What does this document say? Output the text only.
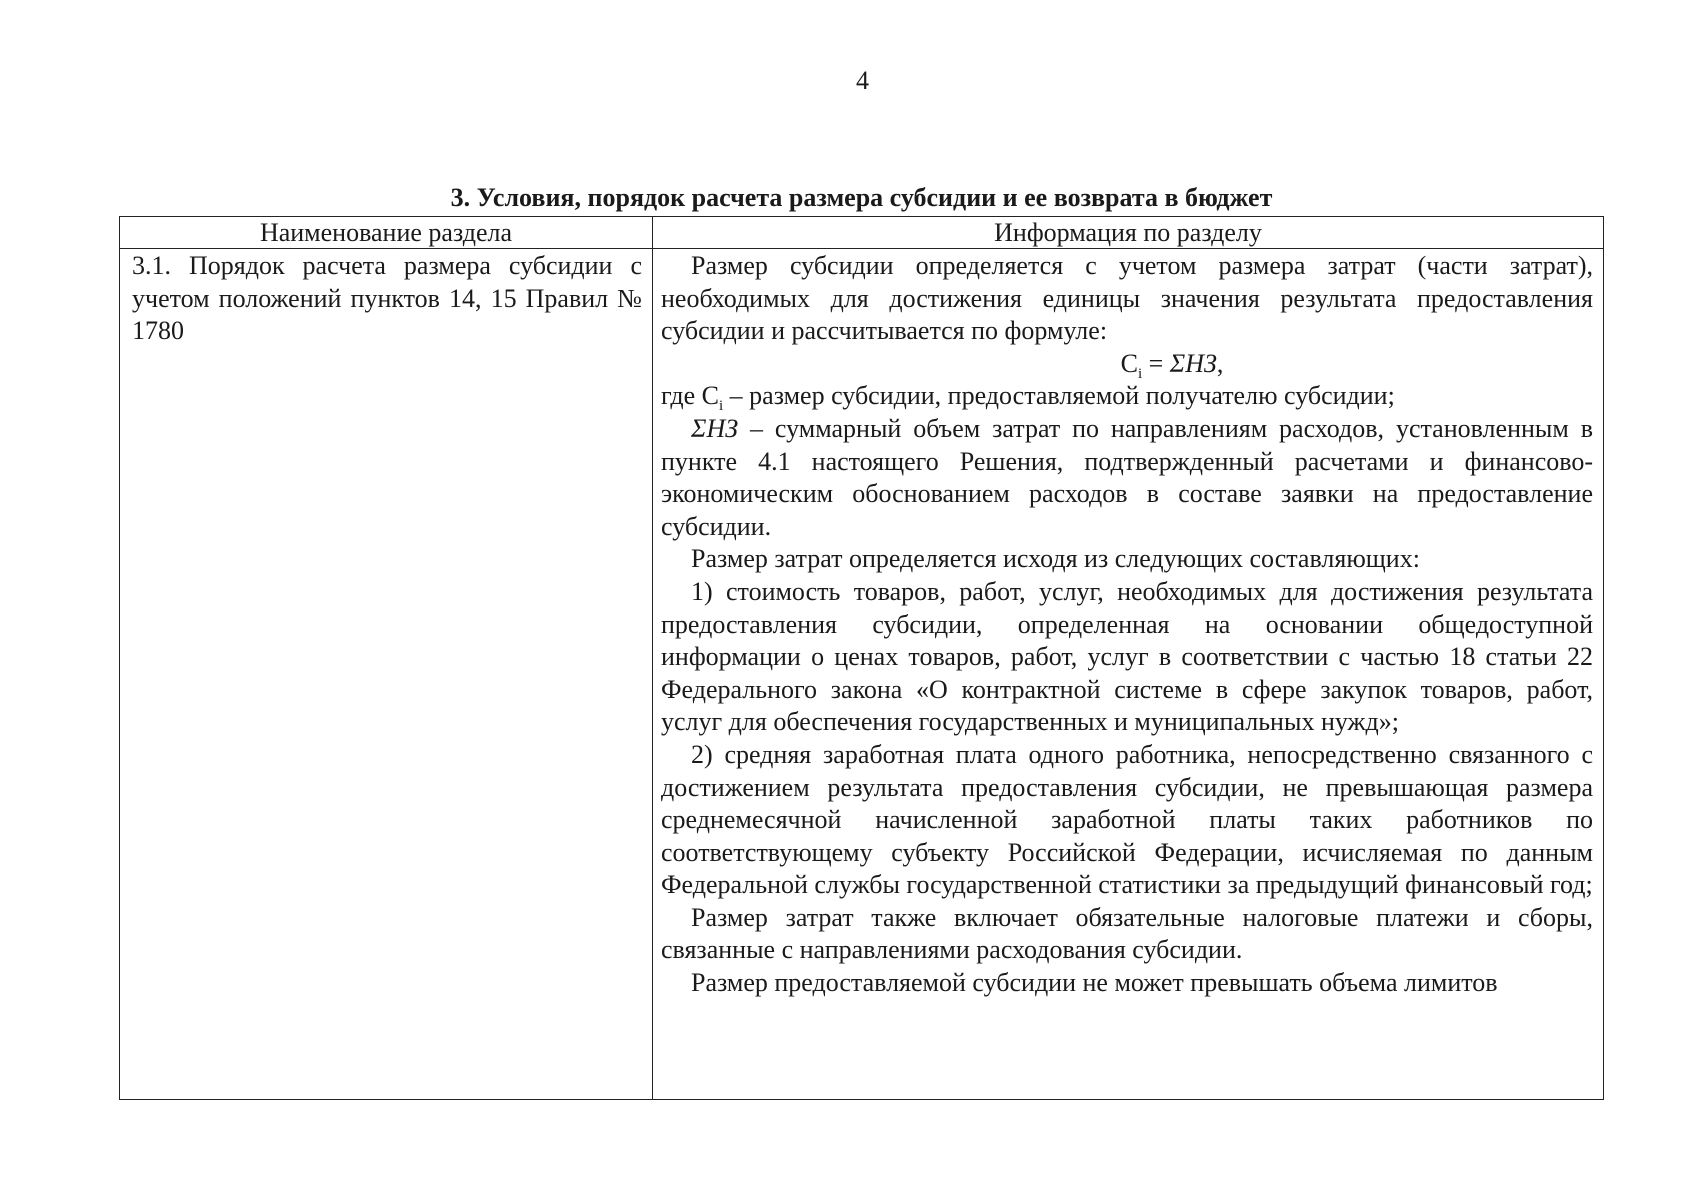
4
3. Условия, порядок расчета размера субсидии и ее возврата в бюджет
Наименование раздела	Информация по разделу

3.1. Порядок расчета размера субсидии с учетом положений пунктов 14, 15 Правил № 1780

Размер субсидии определяется с учетом размера затрат (части затрат), необходимых для достижения единицы значения результата предоставления субсидии и рассчитывается по формуле:

$C_i = \Sigma НЗ$,

где $C_i$ – размер субсидии, предоставляемой получателю субсидии;

ΣНЗ – суммарный объем затрат по направлениям расходов, установленным в пункте 4.1 настоящего Решения, подтвержденный расчетами и финансово-экономическим обоснованием расходов в составе заявки на предоставление субсидии.

Размер затрат определяется исходя из следующих составляющих:

1) стоимость товаров, работ, услуг, необходимых для достижения результата предоставления субсидии, определенная на основании общедоступной информации о ценах товаров, работ, услуг в соответствии с частью 18 статьи 22 Федерального закона «О контрактной системе в сфере закупок товаров, работ, услуг для обеспечения государственных и муниципальных нужд»;

2) средняя заработная плата одного работника, непосредственно связанного с достижением результата предоставления субсидии, не превышающая размера среднемесячной начисленной заработной платы таких работников по соответствующему субъекту Российской Федерации, исчисляемая по данным Федеральной службы государственной статистики за предыдущий финансовый год;

Размер затрат также включает обязательные налоговые платежи и сборы, связанные с направлениями расходования субсидии.

Размер предоставляемой субсидии не может превышать объема лимитов
